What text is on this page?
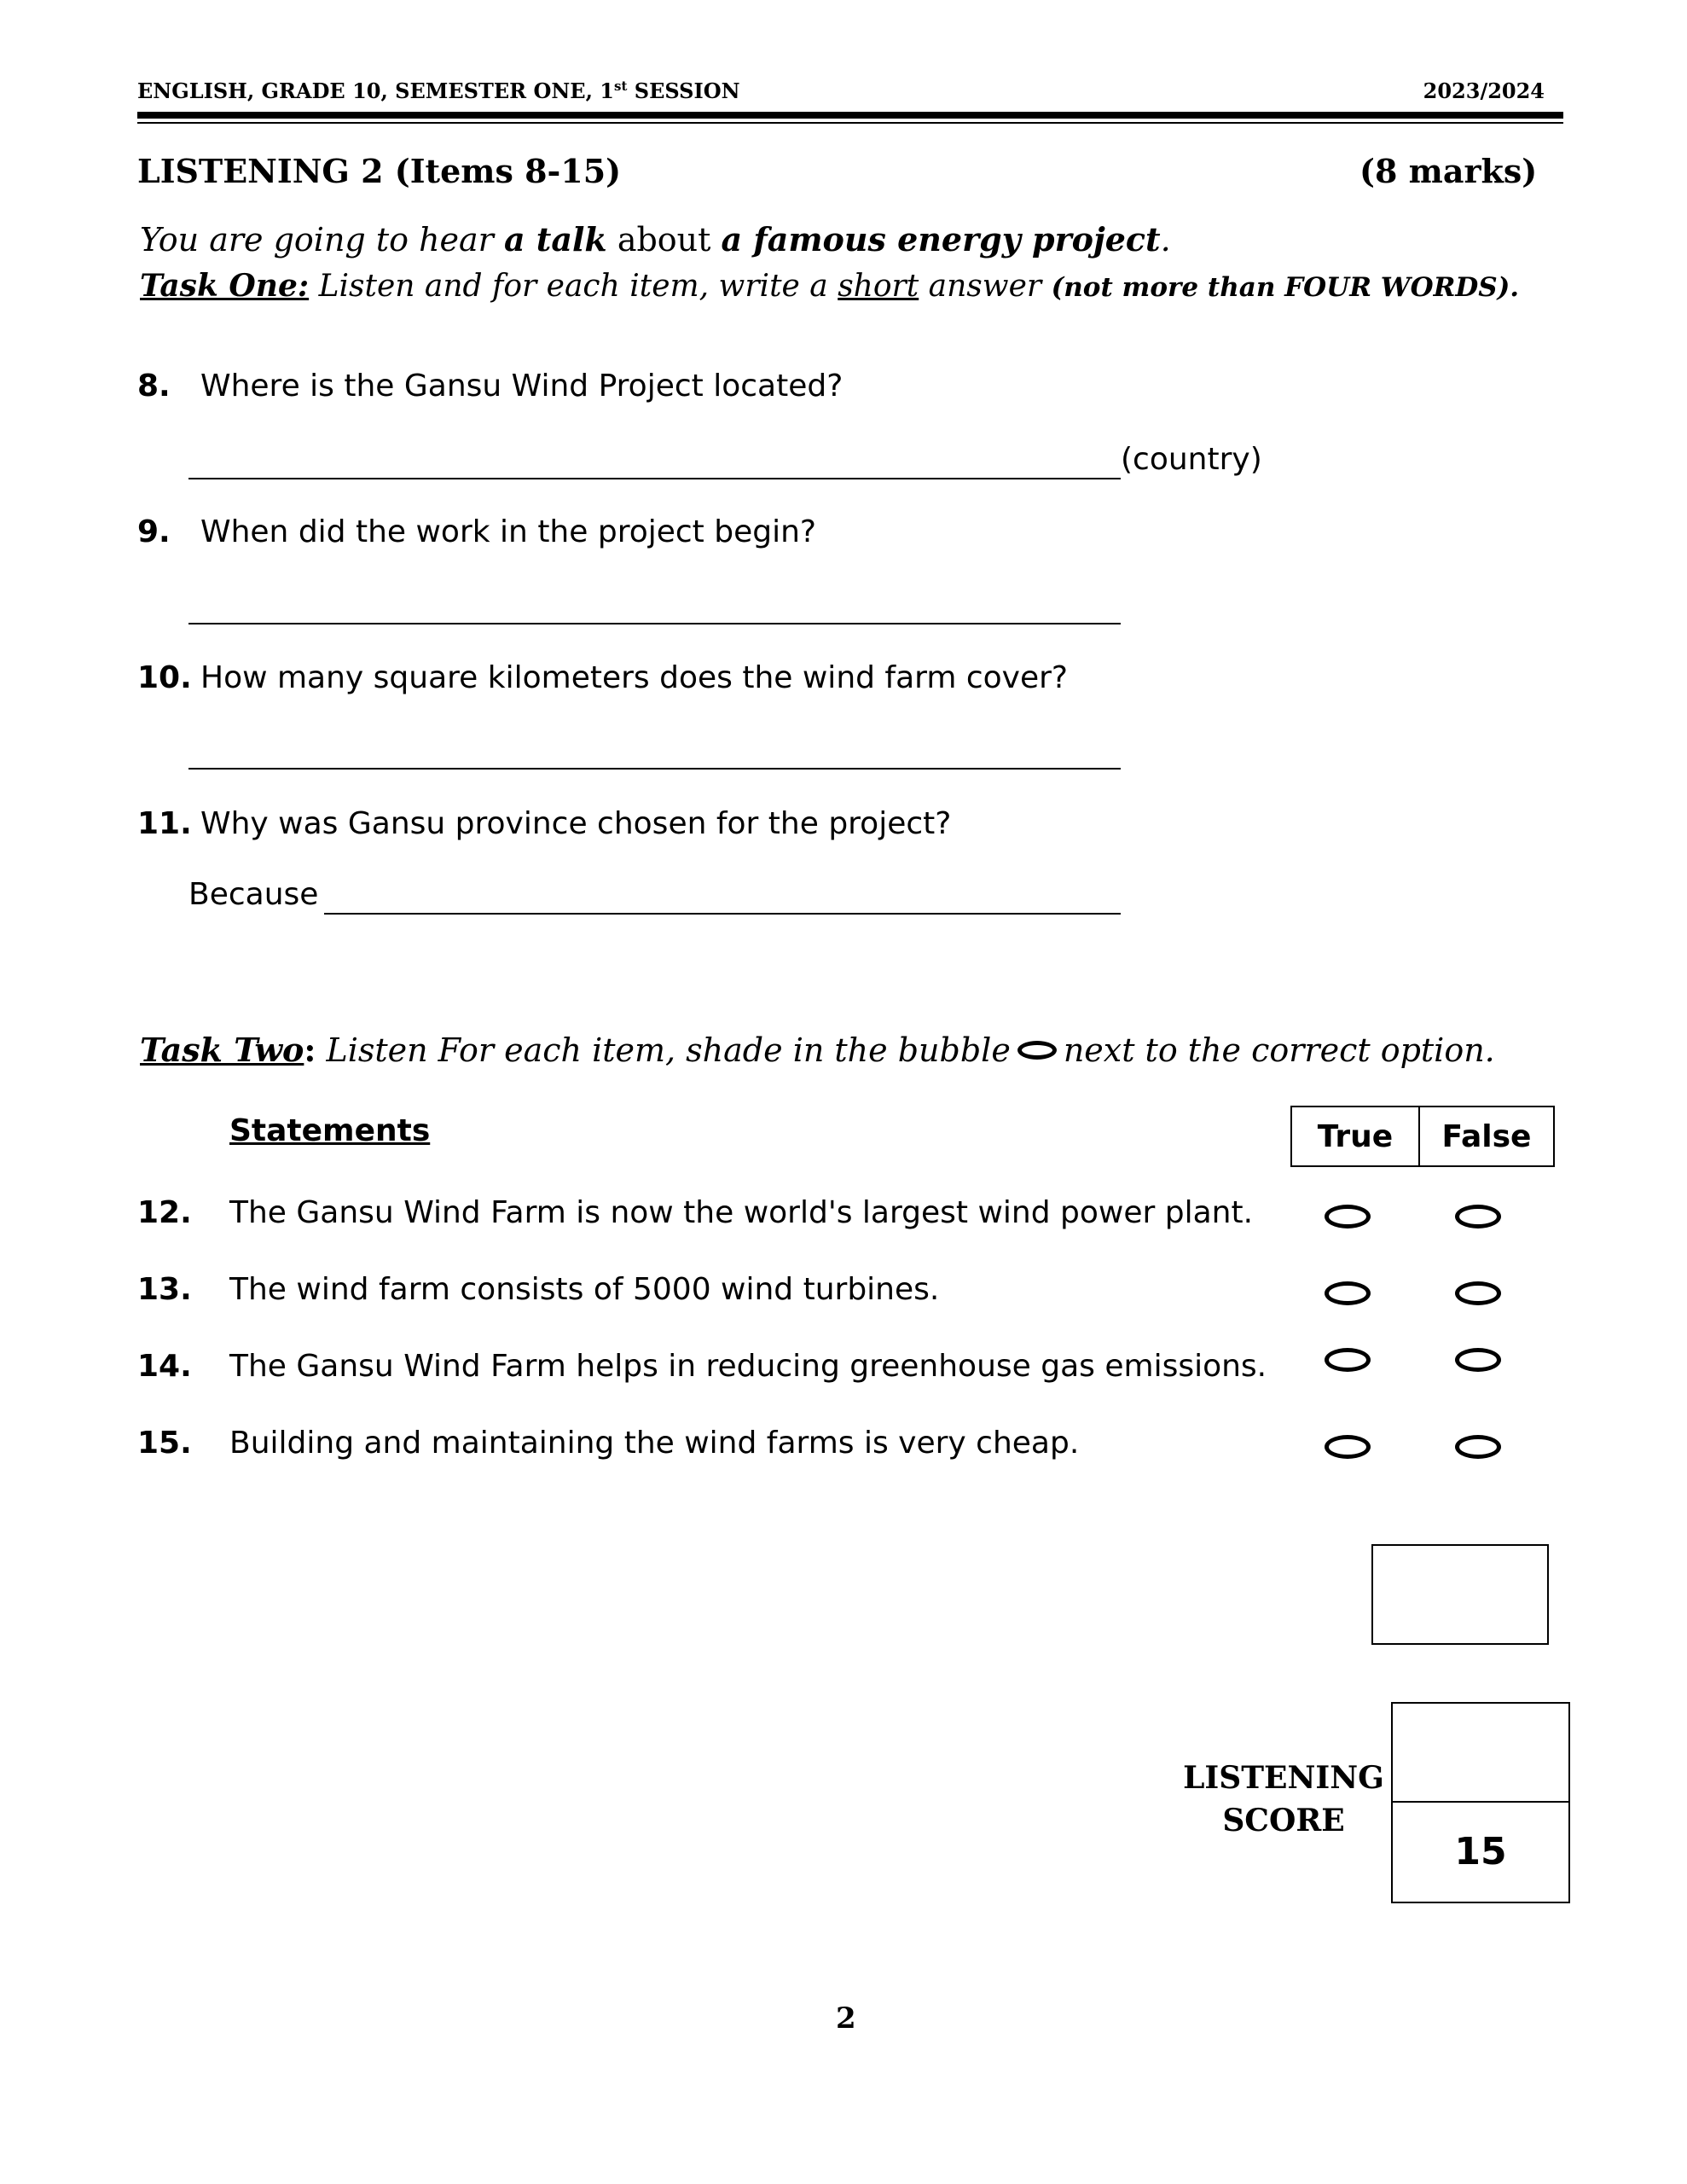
ENGLISH, GRADE 10, SEMESTER ONE, 1st SESSION	2023/2024
LISTENING 2 (Items 8-15)	(8 marks)
You are going to hear a talk about a famous energy project.
Task One: Listen and for each item, write a short answer (not more than FOUR WORDS).
8. Where is the Gansu Wind Project located?
(country)
9. When did the work in the project begin?
10. How many square kilometers does the wind farm cover?
11. Why was Gansu province chosen for the project?
Because
Task Two: Listen For each item, shade in the bubble next to the correct option.
Statements	True	False
12. The Gansu Wind Farm is now the world's largest wind power plant.
13. The wind farm consists of 5000 wind turbines.
14. The Gansu Wind Farm helps in reducing greenhouse gas emissions.
15. Building and maintaining the wind farms is very cheap.
LISTENING
SCORE
15
2
